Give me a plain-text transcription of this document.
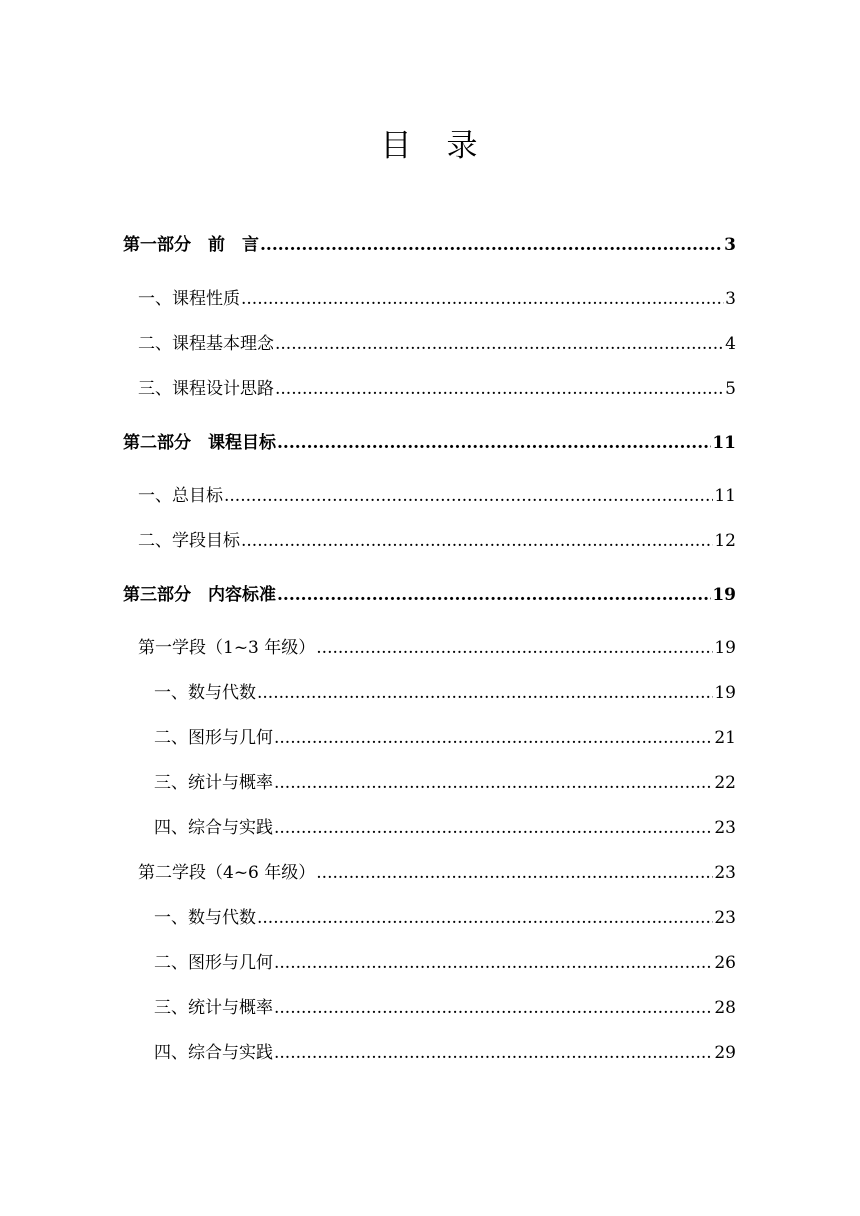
目　录
第一部分　前　言 .....	3
一、课程性质 .....	3
二、课程基本理念 .....	4
三、课程设计思路 .....	5
第二部分　课程目标 .....	11
一、总目标 .....	11
二、学段目标 .....	12
第三部分　内容标准 .....	19
第一学段（1~3 年级） .....	19
一、数与代数 .....	19
二、图形与几何 .....	21
三、统计与概率 .....	22
四、综合与实践 .....	23
第二学段（4~6 年级） .....	23
一、数与代数 .....	23
二、图形与几何 .....	26
三、统计与概率 .....	28
四、综合与实践 .....	29
